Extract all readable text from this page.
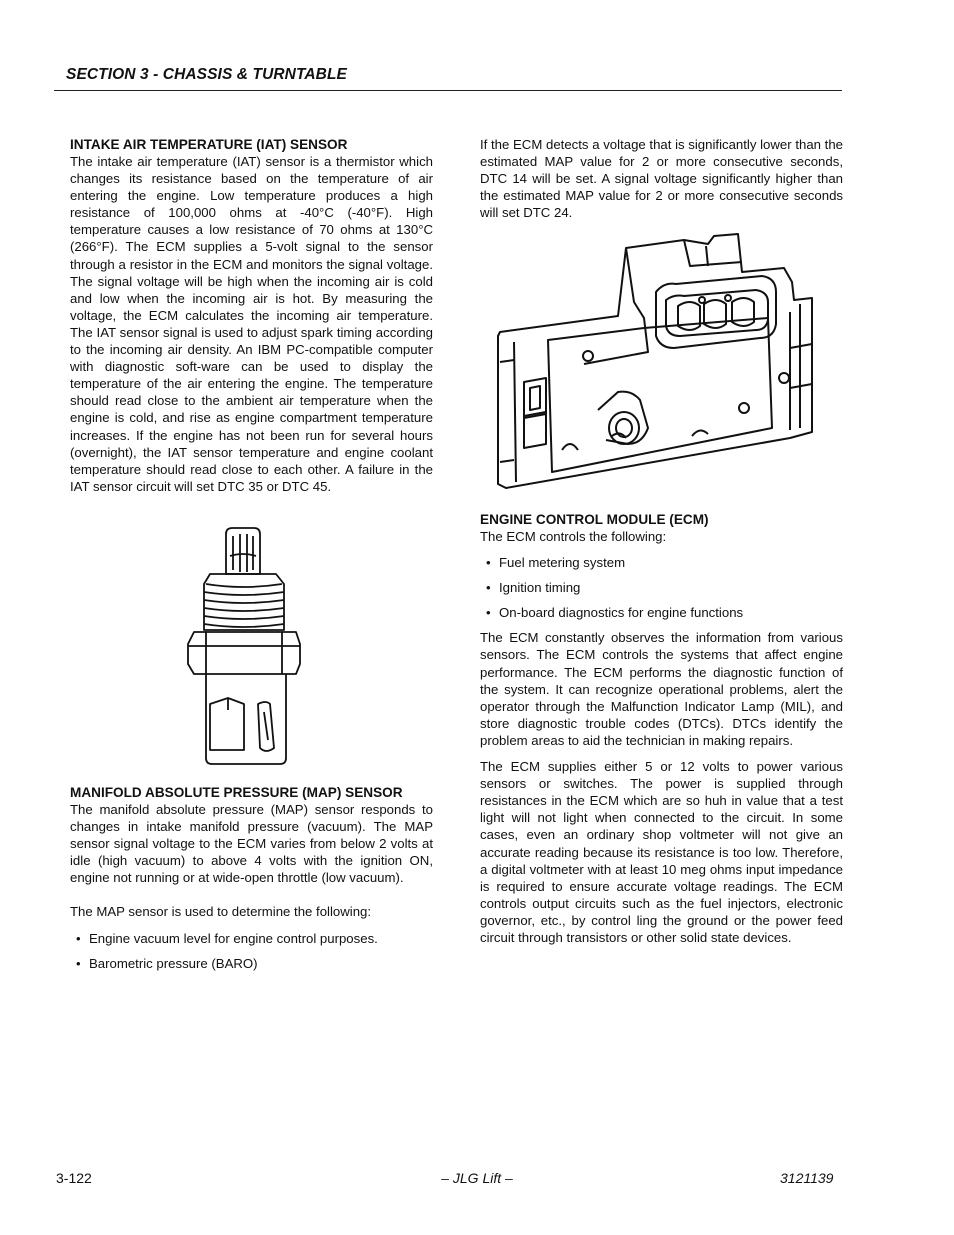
SECTION 3 - CHASSIS & TURNTABLE
INTAKE AIR TEMPERATURE (IAT) SENSOR

The intake air temperature (IAT) sensor is a thermistor which changes its resistance based on the temperature of air entering the engine. Low temperature produces a high resistance of 100,000 ohms at -40°C (-40°F). High temperature causes a low resistance of 70 ohms at 130°C (266°F). The ECM supplies a 5-volt signal to the sensor through a resistor in the ECM and monitors the signal voltage. The signal voltage will be high when the incoming air is cold and low when the incoming air is hot. By measuring the voltage, the ECM calculates the incoming air temperature. The IAT sensor signal is used to adjust spark timing according to the incoming air density. An IBM PC-compatible computer with diagnostic soft-ware can be used to display the temperature of the air entering the engine. The temperature should read close to the ambient air temperature when the engine is cold, and rise as engine compartment temperature increases. If the engine has not been run for several hours (overnight), the IAT sensor temperature and engine coolant temperature should read close to each other. A failure in the IAT sensor circuit will set DTC 35 or DTC 45.

MANIFOLD ABSOLUTE PRESSURE (MAP) SENSOR

The manifold absolute pressure (MAP) sensor responds to changes in intake manifold pressure (vacuum). The MAP sensor signal voltage to the ECM varies from below 2 volts at idle (high vacuum) to above 4 volts with the ignition ON, engine not running or at wide-open throttle (low vacuum).

The MAP sensor is used to determine the following:

• Engine vacuum level for engine control purposes.
• Barometric pressure (BARO)

If the ECM detects a voltage that is significantly lower than the estimated MAP value for 2 or more consecutive seconds, DTC 14 will be set. A signal voltage significantly higher than the estimated MAP value for 2 or more consecutive seconds will set DTC 24.

ENGINE CONTROL MODULE (ECM)

The ECM controls the following:

• Fuel metering system
• Ignition timing
• On-board diagnostics for engine functions

The ECM constantly observes the information from various sensors. The ECM controls the systems that affect engine performance. The ECM performs the diagnostic function of the system. It can recognize operational problems, alert the operator through the Malfunction Indicator Lamp (MIL), and store diagnostic trouble codes (DTCs). DTCs identify the problem areas to aid the technician in making repairs.

The ECM supplies either 5 or 12 volts to power various sensors or switches. The power is supplied through resistances in the ECM which are so huh in value that a test light will not light when connected to the circuit. In some cases, even an ordinary shop voltmeter will not give an accurate reading because its resistance is too low. Therefore, a digital voltmeter with at least 10 meg ohms input impedance is required to ensure accurate voltage readings. The ECM controls output circuits such as the fuel injectors, electronic governor, etc., by control ling the ground or the power feed circuit through transistors or other solid state devices.

3-122	– JLG Lift –	3121139
